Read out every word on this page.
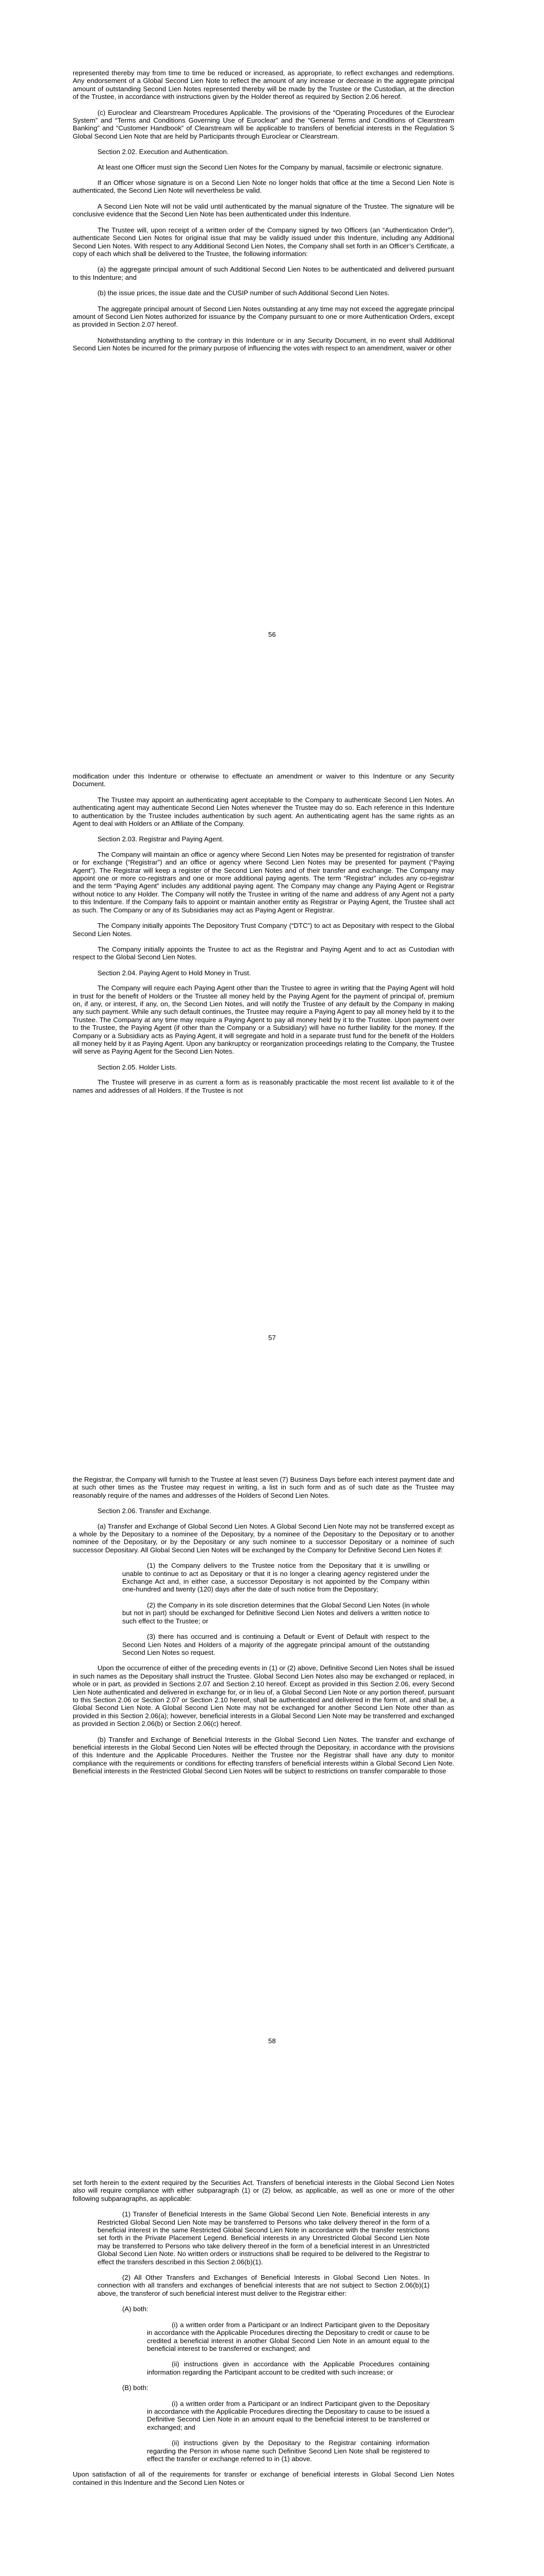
represented thereby may from time to time be reduced or increased, as appropriate, to reflect exchanges and redemptions. Any endorsement of a Global Second Lien Note to reflect the amount of any increase or decrease in the aggregate principal amount of outstanding Second Lien Notes represented thereby will be made by the Trustee or the Custodian, at the direction of the Trustee, in accordance with instructions given by the Holder thereof as required by Section 2.06 hereof.

(c) Euroclear and Clearstream Procedures Applicable. The provisions of the “Operating Procedures of the Euroclear System” and “Terms and Conditions Governing Use of Euroclear” and the “General Terms and Conditions of Clearstream Banking” and “Customer Handbook” of Clearstream will be applicable to transfers of beneficial interests in the Regulation S Global Second Lien Note that are held by Participants through Euroclear or Clearstream.

Section 2.02. Execution and Authentication.

At least one Officer must sign the Second Lien Notes for the Company by manual, facsimile or electronic signature.

If an Officer whose signature is on a Second Lien Note no longer holds that office at the time a Second Lien Note is authenticated, the Second Lien Note will nevertheless be valid.

A Second Lien Note will not be valid until authenticated by the manual signature of the Trustee. The signature will be conclusive evidence that the Second Lien Note has been authenticated under this Indenture.

The Trustee will, upon receipt of a written order of the Company signed by two Officers (an “Authentication Order”), authenticate Second Lien Notes for original issue that may be validly issued under this Indenture, including any Additional Second Lien Notes. With respect to any Additional Second Lien Notes, the Company shall set forth in an Officer’s Certificate, a copy of each which shall be delivered to the Trustee, the following information:

(a) the aggregate principal amount of such Additional Second Lien Notes to be authenticated and delivered pursuant to this Indenture; and

(b) the issue prices, the issue date and the CUSIP number of such Additional Second Lien Notes.

The aggregate principal amount of Second Lien Notes outstanding at any time may not exceed the aggregate principal amount of Second Lien Notes authorized for issuance by the Company pursuant to one or more Authentication Orders, except as provided in Section 2.07 hereof.

Notwithstanding anything to the contrary in this Indenture or in any Security Document, in no event shall Additional Second Lien Notes be incurred for the primary purpose of influencing the votes with respect to an amendment, waiver or other

56

modification under this Indenture or otherwise to effectuate an amendment or waiver to this Indenture or any Security Document.

The Trustee may appoint an authenticating agent acceptable to the Company to authenticate Second Lien Notes. An authenticating agent may authenticate Second Lien Notes whenever the Trustee may do so. Each reference in this Indenture to authentication by the Trustee includes authentication by such agent. An authenticating agent has the same rights as an Agent to deal with Holders or an Affiliate of the Company.

Section 2.03. Registrar and Paying Agent.

The Company will maintain an office or agency where Second Lien Notes may be presented for registration of transfer or for exchange (“Registrar”) and an office or agency where Second Lien Notes may be presented for payment (“Paying Agent”). The Registrar will keep a register of the Second Lien Notes and of their transfer and exchange. The Company may appoint one or more co-registrars and one or more additional paying agents. The term “Registrar” includes any co-registrar and the term “Paying Agent” includes any additional paying agent. The Company may change any Paying Agent or Registrar without notice to any Holder. The Company will notify the Trustee in writing of the name and address of any Agent not a party to this Indenture. If the Company fails to appoint or maintain another entity as Registrar or Paying Agent, the Trustee shall act as such. The Company or any of its Subsidiaries may act as Paying Agent or Registrar.

The Company initially appoints The Depository Trust Company (“DTC”) to act as Depositary with respect to the Global Second Lien Notes.

The Company initially appoints the Trustee to act as the Registrar and Paying Agent and to act as Custodian with respect to the Global Second Lien Notes.

Section 2.04. Paying Agent to Hold Money in Trust.

The Company will require each Paying Agent other than the Trustee to agree in writing that the Paying Agent will hold in trust for the benefit of Holders or the Trustee all money held by the Paying Agent for the payment of principal of, premium on, if any, or interest, if any, on, the Second Lien Notes, and will notify the Trustee of any default by the Company in making any such payment. While any such default continues, the Trustee may require a Paying Agent to pay all money held by it to the Trustee. The Company at any time may require a Paying Agent to pay all money held by it to the Trustee. Upon payment over to the Trustee, the Paying Agent (if other than the Company or a Subsidiary) will have no further liability for the money. If the Company or a Subsidiary acts as Paying Agent, it will segregate and hold in a separate trust fund for the benefit of the Holders all money held by it as Paying Agent. Upon any bankruptcy or reorganization proceedings relating to the Company, the Trustee will serve as Paying Agent for the Second Lien Notes.

Section 2.05. Holder Lists.

The Trustee will preserve in as current a form as is reasonably practicable the most recent list available to it of the names and addresses of all Holders. If the Trustee is not

57

the Registrar, the Company will furnish to the Trustee at least seven (7) Business Days before each interest payment date and at such other times as the Trustee may request in writing, a list in such form and as of such date as the Trustee may reasonably require of the names and addresses of the Holders of Second Lien Notes.

Section 2.06. Transfer and Exchange.

(a) Transfer and Exchange of Global Second Lien Notes. A Global Second Lien Note may not be transferred except as a whole by the Depositary to a nominee of the Depositary, by a nominee of the Depositary to the Depositary or to another nominee of the Depositary, or by the Depositary or any such nominee to a successor Depositary or a nominee of such successor Depositary. All Global Second Lien Notes will be exchanged by the Company for Definitive Second Lien Notes if:

(1) the Company delivers to the Trustee notice from the Depositary that it is unwilling or unable to continue to act as Depositary or that it is no longer a clearing agency registered under the Exchange Act and, in either case, a successor Depositary is not appointed by the Company within one-hundred and twenty (120) days after the date of such notice from the Depositary;

(2) the Company in its sole discretion determines that the Global Second Lien Notes (in whole but not in part) should be exchanged for Definitive Second Lien Notes and delivers a written notice to such effect to the Trustee; or

(3) there has occurred and is continuing a Default or Event of Default with respect to the Second Lien Notes and Holders of a majority of the aggregate principal amount of the outstanding Second Lien Notes so request.

Upon the occurrence of either of the preceding events in (1) or (2) above, Definitive Second Lien Notes shall be issued in such names as the Depositary shall instruct the Trustee. Global Second Lien Notes also may be exchanged or replaced, in whole or in part, as provided in Sections 2.07 and Section 2.10 hereof. Except as provided in this Section 2.06, every Second Lien Note authenticated and delivered in exchange for, or in lieu of, a Global Second Lien Note or any portion thereof, pursuant to this Section 2.06 or Section 2.07 or Section 2.10 hereof, shall be authenticated and delivered in the form of, and shall be, a Global Second Lien Note. A Global Second Lien Note may not be exchanged for another Second Lien Note other than as provided in this Section 2.06(a); however, beneficial interests in a Global Second Lien Note may be transferred and exchanged as provided in Section 2.06(b) or Section 2.06(c) hereof.

(b) Transfer and Exchange of Beneficial Interests in the Global Second Lien Notes. The transfer and exchange of beneficial interests in the Global Second Lien Notes will be effected through the Depositary, in accordance with the provisions of this Indenture and the Applicable Procedures. Neither the Trustee nor the Registrar shall have any duty to monitor compliance with the requirements or conditions for effecting transfers of beneficial interests within a Global Second Lien Note. Beneficial interests in the Restricted Global Second Lien Notes will be subject to restrictions on transfer comparable to those

58

set forth herein to the extent required by the Securities Act. Transfers of beneficial interests in the Global Second Lien Notes also will require compliance with either subparagraph (1) or (2) below, as applicable, as well as one or more of the other following subparagraphs, as applicable:

(1) Transfer of Beneficial Interests in the Same Global Second Lien Note. Beneficial interests in any Restricted Global Second Lien Note may be transferred to Persons who take delivery thereof in the form of a beneficial interest in the same Restricted Global Second Lien Note in accordance with the transfer restrictions set forth in the Private Placement Legend. Beneficial interests in any Unrestricted Global Second Lien Note may be transferred to Persons who take delivery thereof in the form of a beneficial interest in an Unrestricted Global Second Lien Note. No written orders or instructions shall be required to be delivered to the Registrar to effect the transfers described in this Section 2.06(b)(1).

(2) All Other Transfers and Exchanges of Beneficial Interests in Global Second Lien Notes. In connection with all transfers and exchanges of beneficial interests that are not subject to Section 2.06(b)(1) above, the transferor of such beneficial interest must deliver to the Registrar either:

(A) both:

(i) a written order from a Participant or an Indirect Participant given to the Depositary in accordance with the Applicable Procedures directing the Depositary to credit or cause to be credited a beneficial interest in another Global Second Lien Note in an amount equal to the beneficial interest to be transferred or exchanged; and

(ii) instructions given in accordance with the Applicable Procedures containing information regarding the Participant account to be credited with such increase; or

(B) both:

(i) a written order from a Participant or an Indirect Participant given to the Depositary in accordance with the Applicable Procedures directing the Depositary to cause to be issued a Definitive Second Lien Note in an amount equal to the beneficial interest to be transferred or exchanged; and

(ii) instructions given by the Depositary to the Registrar containing information regarding the Person in whose name such Definitive Second Lien Note shall be registered to effect the transfer or exchange referred to in (1) above.

Upon satisfaction of all of the requirements for transfer or exchange of beneficial interests in Global Second Lien Notes contained in this Indenture and the Second Lien Notes or
